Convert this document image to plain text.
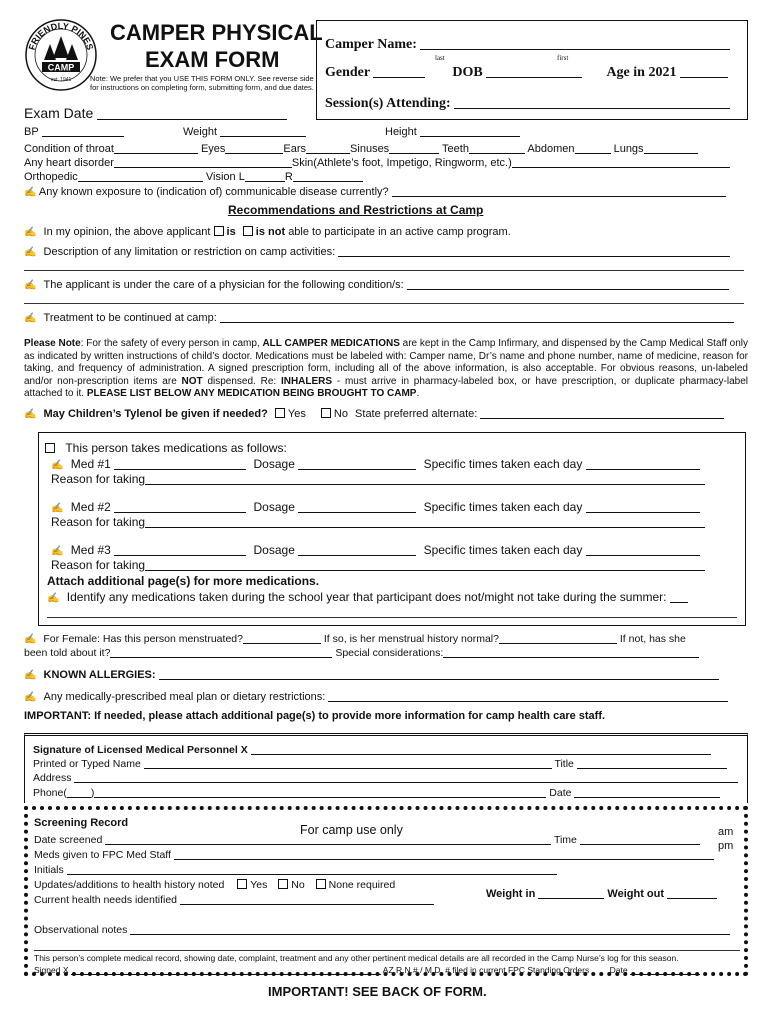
FRIENDLY PINES
CAMP
est. 1941
CAMPER PHYSICAL
EXAM FORM
Note: We prefer that you USE THIS FORM ONLY. See reverse side for instructions on completing form, submitting form, and due dates.
Camper Name:
last	first
Gender	DOB	Age in 2021
Session(s) Attending:
Exam Date
BP	Weight	Height
Condition of throat	Eyes	Ears	Sinuses	Teeth	Abdomen	Lungs
Any heart disorder	Skin(Athlete’s foot, Impetigo, Ringworm, etc.)
Orthopedic	Vision L	R
✍ Any known exposure to (indication of) communicable disease currently?
Recommendations and Restrictions at Camp
✍ In my opinion, the above applicant is is not able to participate in an active camp program.
✍ Description of any limitation or restriction on camp activities:
✍ The applicant is under the care of a physician for the following condition/s:
✍ Treatment to be continued at camp:
Please Note: For the safety of every person in camp, ALL CAMPER MEDICATIONS are kept in the Camp Infirmary, and dispensed by the Camp Medical Staff only as indicated by written instructions of child’s doctor. Medications must be labeled with: Camper name, Dr’s name and phone number, name of medicine, reason for taking, and frequency of administration. A signed prescription form, including all of the above information, is also acceptable. For obvious reasons, un-labeled and/or non-prescription items are NOT dispensed. Re: INHALERS - must arrive in pharmacy-labeled box, or have prescription, or duplicate pharmacy-label attached to it. PLEASE LIST BELOW ANY MEDICATION BEING BROUGHT TO CAMP.
✍ May Children’s Tylenol be given if needed? Yes	No State preferred alternate:
This person takes medications as follows:
✍ Med #1	Dosage	Specific times taken each day
Reason for taking
✍ Med #2	Dosage	Specific times taken each day
Reason for taking
✍ Med #3	Dosage	Specific times taken each day
Reason for taking
Attach additional page(s) for more medications.
✍ Identify any medications taken during the school year that participant does not/might not take during the summer:
✍ For Female: Has this person menstruated?	If so, is her menstrual history normal?	If not, has she
been told about it?	Special considerations:
✍ KNOWN ALLERGIES:
✍ Any medically-prescribed meal plan or dietary restrictions:
IMPORTANT: If needed, please attach additional page(s) to provide more information for camp health care staff.
Signature of Licensed Medical Personnel X
Printed or Typed Name	Title
Address
Phone( )	Date
Screening Record	For camp use only
Date screened	Time
am
pm
Meds given to FPC Med Staff
Initials
Updates/additions to health history noted Yes No None required
Weight in	Weight out
Current health needs identified
Observational notes
This person’s complete medical record, showing date, complaint, treatment and any other pertinent medical details are all recorded in the Camp Nurse’s log for this season.
Signed X	AZ R.N.# / M.D. # filed in current FPC Standing Orders Date
IMPORTANT! SEE BACK OF FORM.
